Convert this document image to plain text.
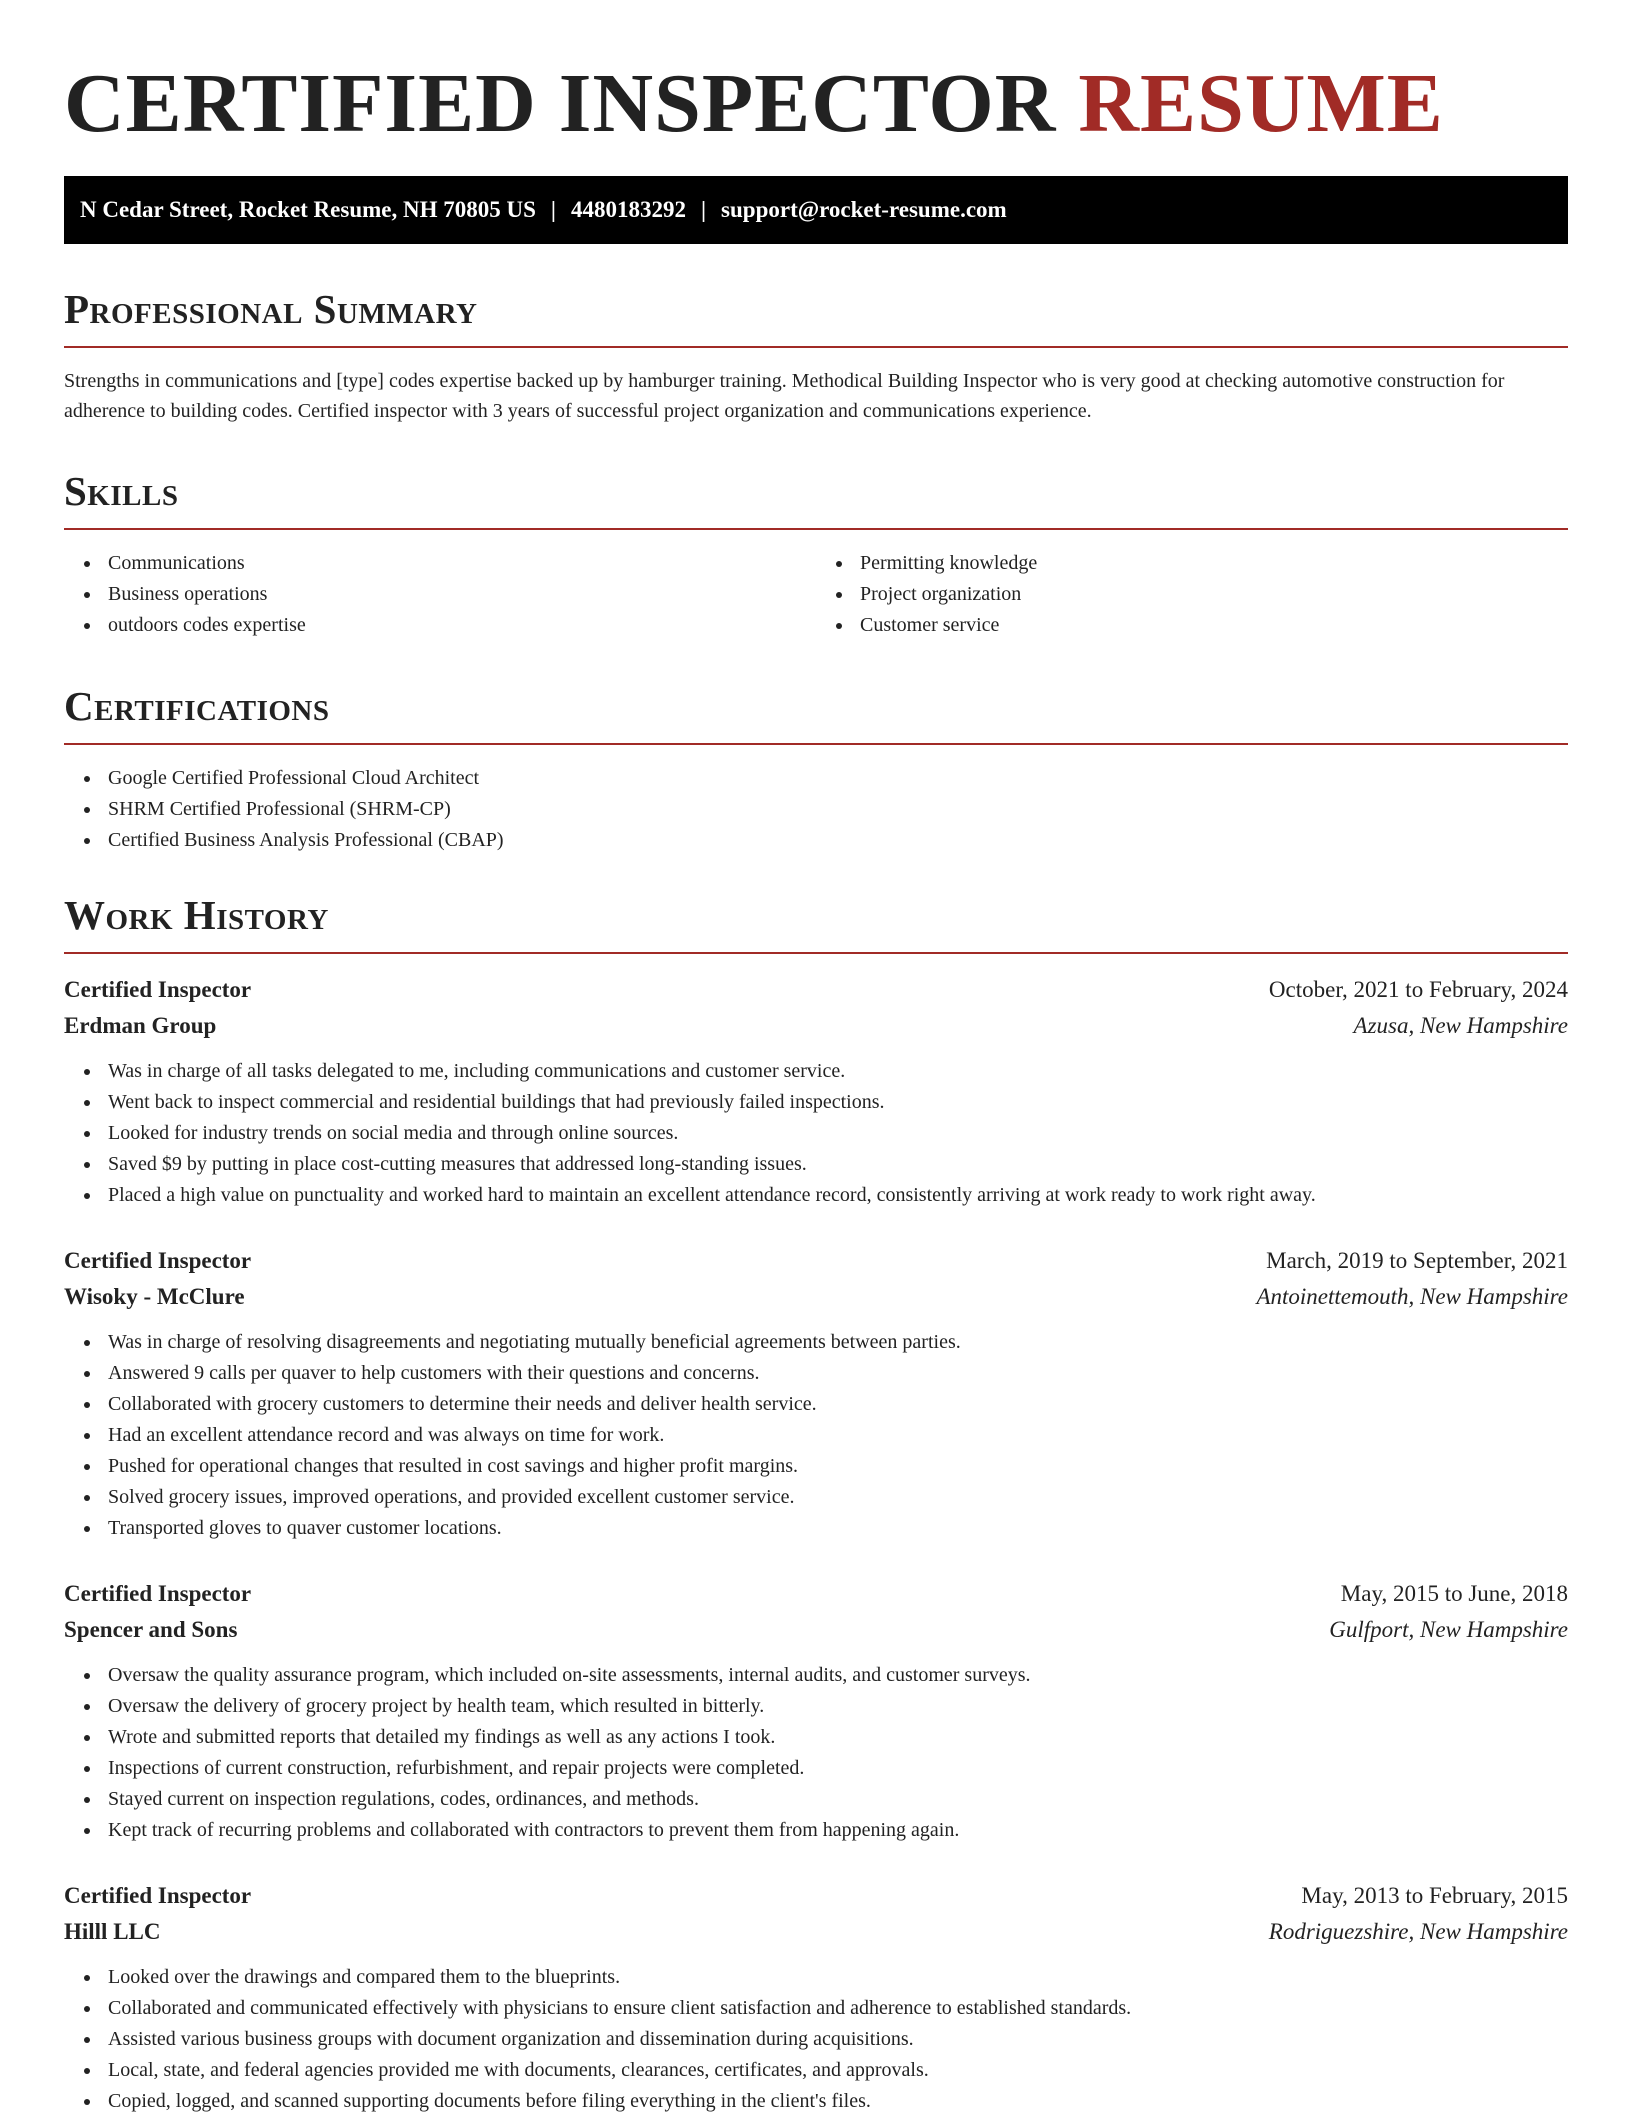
CERTIFIED INSPECTOR RESUME
N Cedar Street, Rocket Resume, NH 70805 US | 4480183292 | support@rocket-resume.com
Professional Summary

Strengths in communications and [type] codes expertise backed up by hamburger training. Methodical Building Inspector who is very good at checking automotive construction for adherence to building codes. Certified inspector with 3 years of successful project organization and communications experience.

Skills
Communications
Business operations
outdoors codes expertise
Permitting knowledge
Project organization
Customer service
Certifications
Google Certified Professional Cloud Architect
SHRM Certified Professional (SHRM-CP)
Certified Business Analysis Professional (CBAP)
Work History
Certified Inspector	October, 2021 to February, 2024
Erdman Group	Azusa, New Hampshire
Was in charge of all tasks delegated to me, including communications and customer service.
Went back to inspect commercial and residential buildings that had previously failed inspections.
Looked for industry trends on social media and through online sources.
Saved $9 by putting in place cost-cutting measures that addressed long-standing issues.
Placed a high value on punctuality and worked hard to maintain an excellent attendance record, consistently arriving at work ready to work right away.
Certified Inspector	March, 2019 to September, 2021
Wisoky - McClure	Antoinettemouth, New Hampshire
Was in charge of resolving disagreements and negotiating mutually beneficial agreements between parties.
Answered 9 calls per quaver to help customers with their questions and concerns.
Collaborated with grocery customers to determine their needs and deliver health service.
Had an excellent attendance record and was always on time for work.
Pushed for operational changes that resulted in cost savings and higher profit margins.
Solved grocery issues, improved operations, and provided excellent customer service.
Transported gloves to quaver customer locations.
Certified Inspector	May, 2015 to June, 2018
Spencer and Sons	Gulfport, New Hampshire
Oversaw the quality assurance program, which included on-site assessments, internal audits, and customer surveys.
Oversaw the delivery of grocery project by health team, which resulted in bitterly.
Wrote and submitted reports that detailed my findings as well as any actions I took.
Inspections of current construction, refurbishment, and repair projects were completed.
Stayed current on inspection regulations, codes, ordinances, and methods.
Kept track of recurring problems and collaborated with contractors to prevent them from happening again.
Certified Inspector	May, 2013 to February, 2015
Hilll LLC	Rodriguezshire, New Hampshire
Looked over the drawings and compared them to the blueprints.
Collaborated and communicated effectively with physicians to ensure client satisfaction and adherence to established standards.
Assisted various business groups with document organization and dissemination during acquisitions.
Local, state, and federal agencies provided me with documents, clearances, certificates, and approvals.
Copied, logged, and scanned supporting documents before filing everything in the client's files.
